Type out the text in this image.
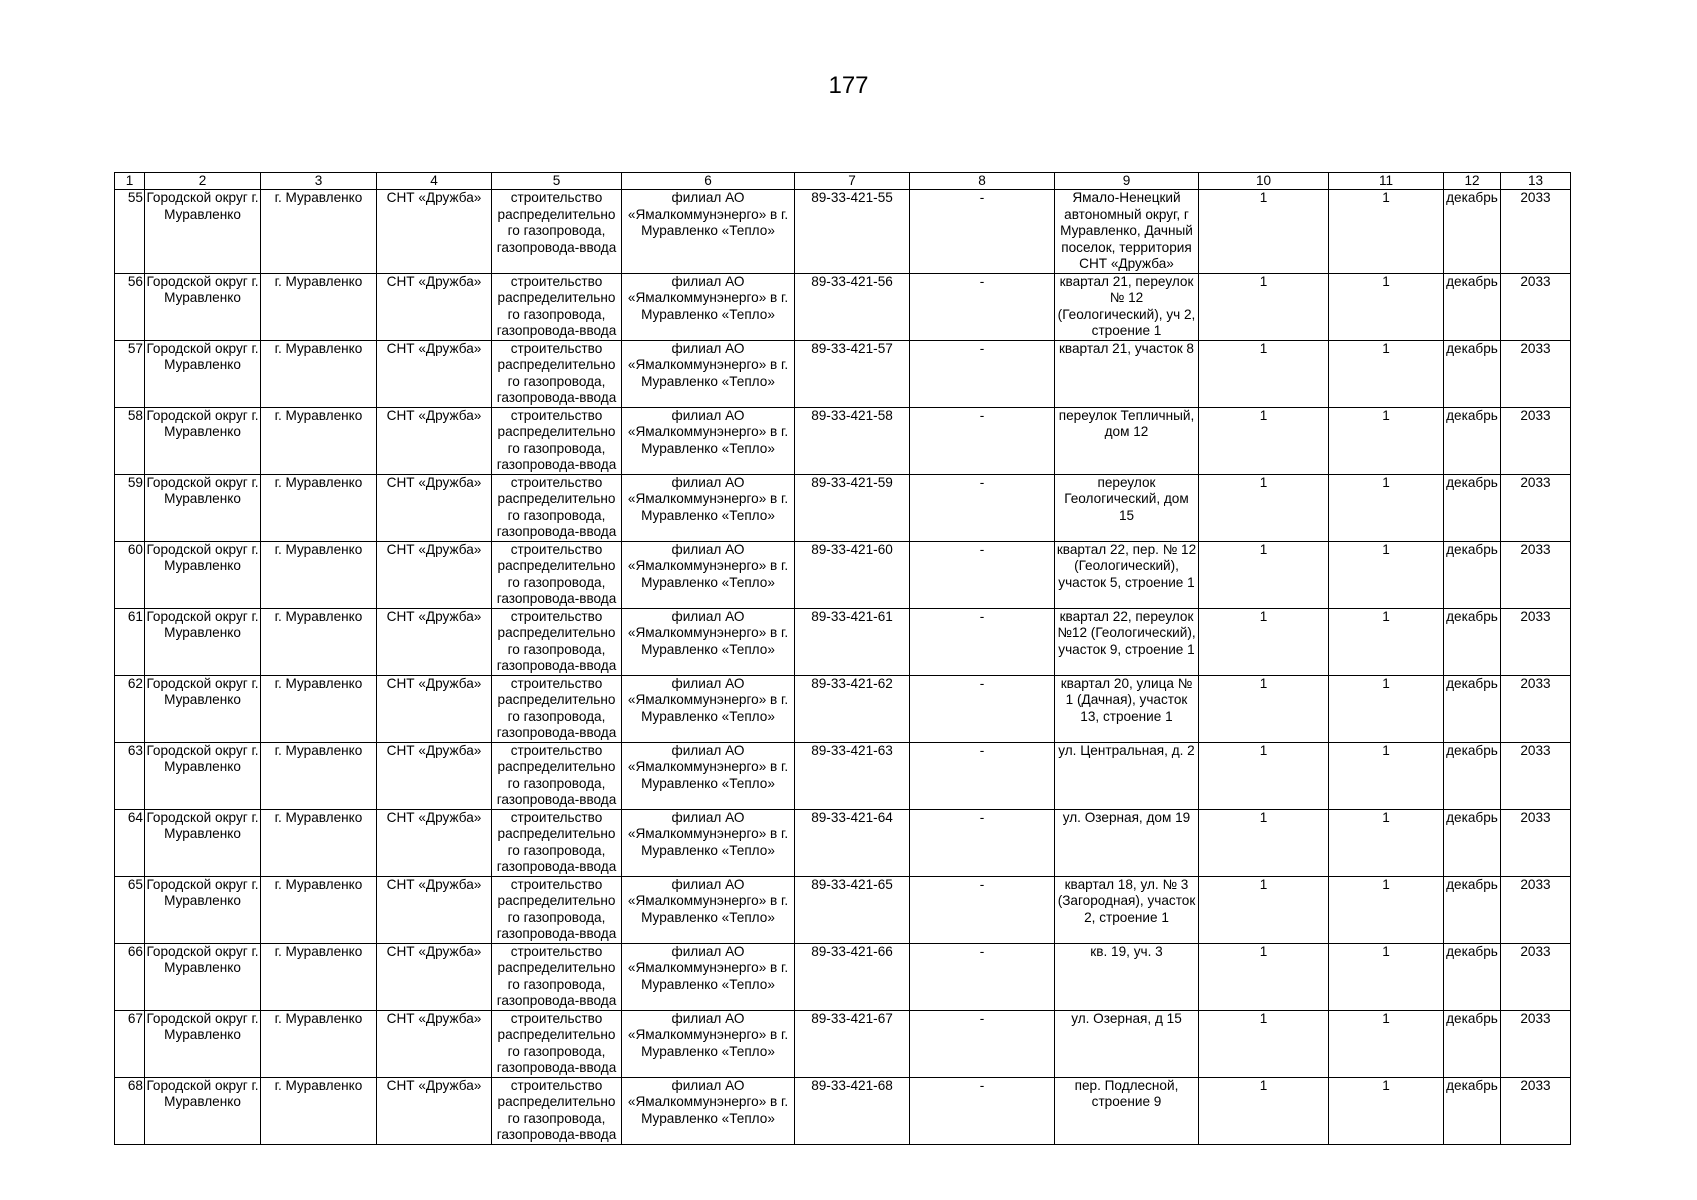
177
1	2	3	4	5	6	7	8	9	10	11	12	13
55	Городской округ г. Муравленко	г. Муравленко	СНТ «Дружба»	строительство распределительно го газопровода, газопровода-ввода	филиал АО «Ямалкоммунэнерго» в г. Муравленко «Тепло»	89-33-421-55	-	Ямало-Ненецкий автономный округ, г Муравленко, Дачный поселок, территория СНТ «Дружба»	1	1	декабрь	2033
56	Городской округ г. Муравленко	г. Муравленко	СНТ «Дружба»	строительство распределительно го газопровода, газопровода-ввода	филиал АО «Ямалкоммунэнерго» в г. Муравленко «Тепло»	89-33-421-56	-	квартал 21, переулок № 12 (Геологический), уч 2, строение 1	1	1	декабрь	2033
57	Городской округ г. Муравленко	г. Муравленко	СНТ «Дружба»	строительство распределительно го газопровода, газопровода-ввода	филиал АО «Ямалкоммунэнерго» в г. Муравленко «Тепло»	89-33-421-57	-	квартал 21, участок 8	1	1	декабрь	2033
58	Городской округ г. Муравленко	г. Муравленко	СНТ «Дружба»	строительство распределительно го газопровода, газопровода-ввода	филиал АО «Ямалкоммунэнерго» в г. Муравленко «Тепло»	89-33-421-58	-	переулок Тепличный, дом 12	1	1	декабрь	2033
59	Городской округ г. Муравленко	г. Муравленко	СНТ «Дружба»	строительство распределительно го газопровода, газопровода-ввода	филиал АО «Ямалкоммунэнерго» в г. Муравленко «Тепло»	89-33-421-59	-	переулок Геологический, дом 15	1	1	декабрь	2033
60	Городской округ г. Муравленко	г. Муравленко	СНТ «Дружба»	строительство распределительно го газопровода, газопровода-ввода	филиал АО «Ямалкоммунэнерго» в г. Муравленко «Тепло»	89-33-421-60	-	квартал 22, пер. № 12 (Геологический), участок 5, строение 1	1	1	декабрь	2033
61	Городской округ г. Муравленко	г. Муравленко	СНТ «Дружба»	строительство распределительно го газопровода, газопровода-ввода	филиал АО «Ямалкоммунэнерго» в г. Муравленко «Тепло»	89-33-421-61	-	квартал 22, переулок №12 (Геологический), участок 9, строение 1	1	1	декабрь	2033
62	Городской округ г. Муравленко	г. Муравленко	СНТ «Дружба»	строительство распределительно го газопровода, газопровода-ввода	филиал АО «Ямалкоммунэнерго» в г. Муравленко «Тепло»	89-33-421-62	-	квартал 20, улица № 1 (Дачная), участок 13, строение 1	1	1	декабрь	2033
63	Городской округ г. Муравленко	г. Муравленко	СНТ «Дружба»	строительство распределительно го газопровода, газопровода-ввода	филиал АО «Ямалкоммунэнерго» в г. Муравленко «Тепло»	89-33-421-63	-	ул. Центральная, д. 2	1	1	декабрь	2033
64	Городской округ г. Муравленко	г. Муравленко	СНТ «Дружба»	строительство распределительно го газопровода, газопровода-ввода	филиал АО «Ямалкоммунэнерго» в г. Муравленко «Тепло»	89-33-421-64	-	ул. Озерная, дом 19	1	1	декабрь	2033
65	Городской округ г. Муравленко	г. Муравленко	СНТ «Дружба»	строительство распределительно го газопровода, газопровода-ввода	филиал АО «Ямалкоммунэнерго» в г. Муравленко «Тепло»	89-33-421-65	-	квартал 18, ул. № 3 (Загородная), участок 2, строение 1	1	1	декабрь	2033
66	Городской округ г. Муравленко	г. Муравленко	СНТ «Дружба»	строительство распределительно го газопровода, газопровода-ввода	филиал АО «Ямалкоммунэнерго» в г. Муравленко «Тепло»	89-33-421-66	-	кв. 19, уч. 3	1	1	декабрь	2033
67	Городской округ г. Муравленко	г. Муравленко	СНТ «Дружба»	строительство распределительно го газопровода, газопровода-ввода	филиал АО «Ямалкоммунэнерго» в г. Муравленко «Тепло»	89-33-421-67	-	ул. Озерная, д 15	1	1	декабрь	2033
68	Городской округ г. Муравленко	г. Муравленко	СНТ «Дружба»	строительство распределительно го газопровода, газопровода-ввода	филиал АО «Ямалкоммунэнерго» в г. Муравленко «Тепло»	89-33-421-68	-	пер. Подлесной, строение 9	1	1	декабрь	2033
